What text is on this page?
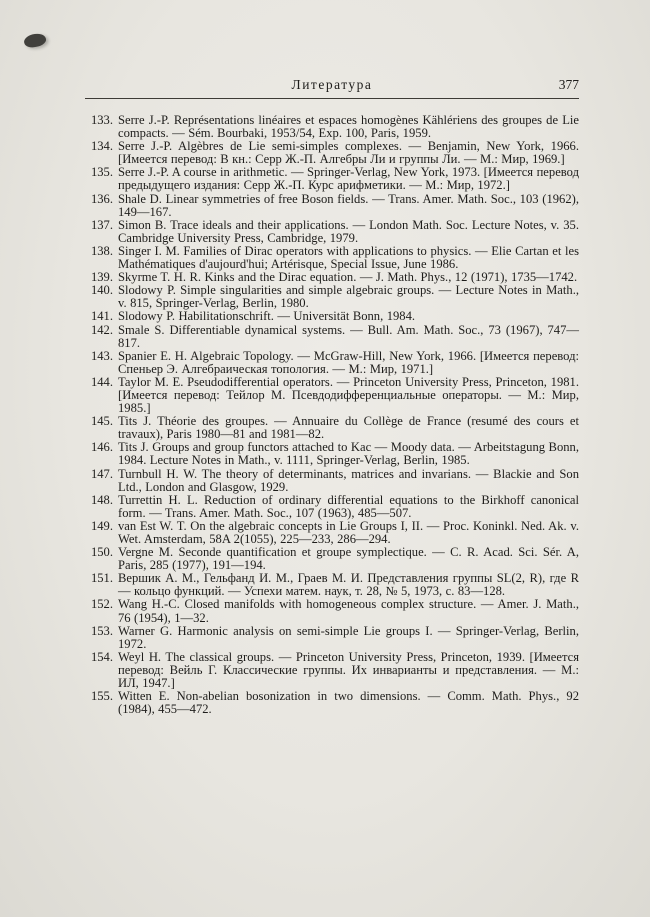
Литература	377

133. Serre J.-P. Représentations linéaires et espaces homogènes Kählériens des groupes de Lie compacts. — Sém. Bourbaki, 1953/54, Exp. 100, Paris, 1959.

134. Serre J.-P. Algèbres de Lie semi-simples complexes. — Benjamin, New York, 1966. [Имеется перевод: В кн.: Серр Ж.-П. Алгебры Ли и группы Ли. — М.: Мир, 1969.]

135. Serre J.-P. A course in arithmetic. — Springer-Verlag, New York, 1973. [Имеется перевод предыдущего издания: Серр Ж.-П. Курс арифметики. — М.: Мир, 1972.]

136. Shale D. Linear symmetries of free Boson fields. — Trans. Amer. Math. Soc., 103 (1962), 149—167.

137. Simon B. Trace ideals and their applications. — London Math. Soc. Lecture Notes, v. 35. Cambridge University Press, Cambridge, 1979.

138. Singer I. M. Families of Dirac operators with applications to physics. — Elie Cartan et les Mathématiques d'aujourd'hui; Artérisque, Special Issue, June 1986.

139. Skyrme T. H. R. Kinks and the Dirac equation. — J. Math. Phys., 12 (1971), 1735—1742.

140. Slodowy P. Simple singularities and simple algebraic groups. — Lecture Notes in Math., v. 815, Springer-Verlag, Berlin, 1980.

141. Slodowy P. Habilitationschrift. — Universität Bonn, 1984.

142. Smale S. Differentiable dynamical systems. — Bull. Am. Math. Soc., 73 (1967), 747—817.

143. Spanier E. H. Algebraic Topology. — McGraw-Hill, New York, 1966. [Имеется перевод: Спеньер Э. Алгебраическая топология. — М.: Мир, 1971.]

144. Taylor M. E. Pseudodifferential operators. — Princeton University Press, Princeton, 1981. [Имеется перевод: Тейлор М. Псевдодифференциальные операторы. — М.: Мир, 1985.]

145. Tits J. Théorie des groupes. — Annuaire du Collège de France (resumé des cours et travaux), Paris 1980—81 and 1981—82.

146. Tits J. Groups and group functors attached to Kac — Moody data. — Arbeitstagung Bonn, 1984. Lecture Notes in Math., v. 1111, Springer-Verlag, Berlin, 1985.

147. Turnbull H. W. The theory of determinants, matrices and invarians. — Blackie and Son Ltd., London and Glasgow, 1929.

148. Turrettin H. L. Reduction of ordinary differential equations to the Birkhoff canonical form. — Trans. Amer. Math. Soc., 107 (1963), 485—507.

149. van Est W. T. On the algebraic concepts in Lie Groups I, II. — Proc. Koninkl. Ned. Ak. v. Wet. Amsterdam, 58A 2(1055), 225—233, 286—294.

150. Vergne M. Seconde quantification et groupe symplectique. — C. R. Acad. Sci. Sér. A, Paris, 285 (1977), 191—194.

151. Вершик А. М., Гельфанд И. М., Граев М. И. Представления группы SL(2, R), где R — кольцо функций. — Успехи матем. наук, т. 28, № 5, 1973, с. 83—128.

152. Wang H.-C. Closed manifolds with homogeneous complex structure. — Amer. J. Math., 76 (1954), 1—32.

153. Warner G. Harmonic analysis on semi-simple Lie groups I. — Springer-Verlag, Berlin, 1972.

154. Weyl H. The classical groups. — Princeton University Press, Princeton, 1939. [Имеется перевод: Вейль Г. Классические группы. Их инварианты и представления. — М.: ИЛ, 1947.]

155. Witten E. Non-abelian bosonization in two dimensions. — Comm. Math. Phys., 92 (1984), 455—472.
